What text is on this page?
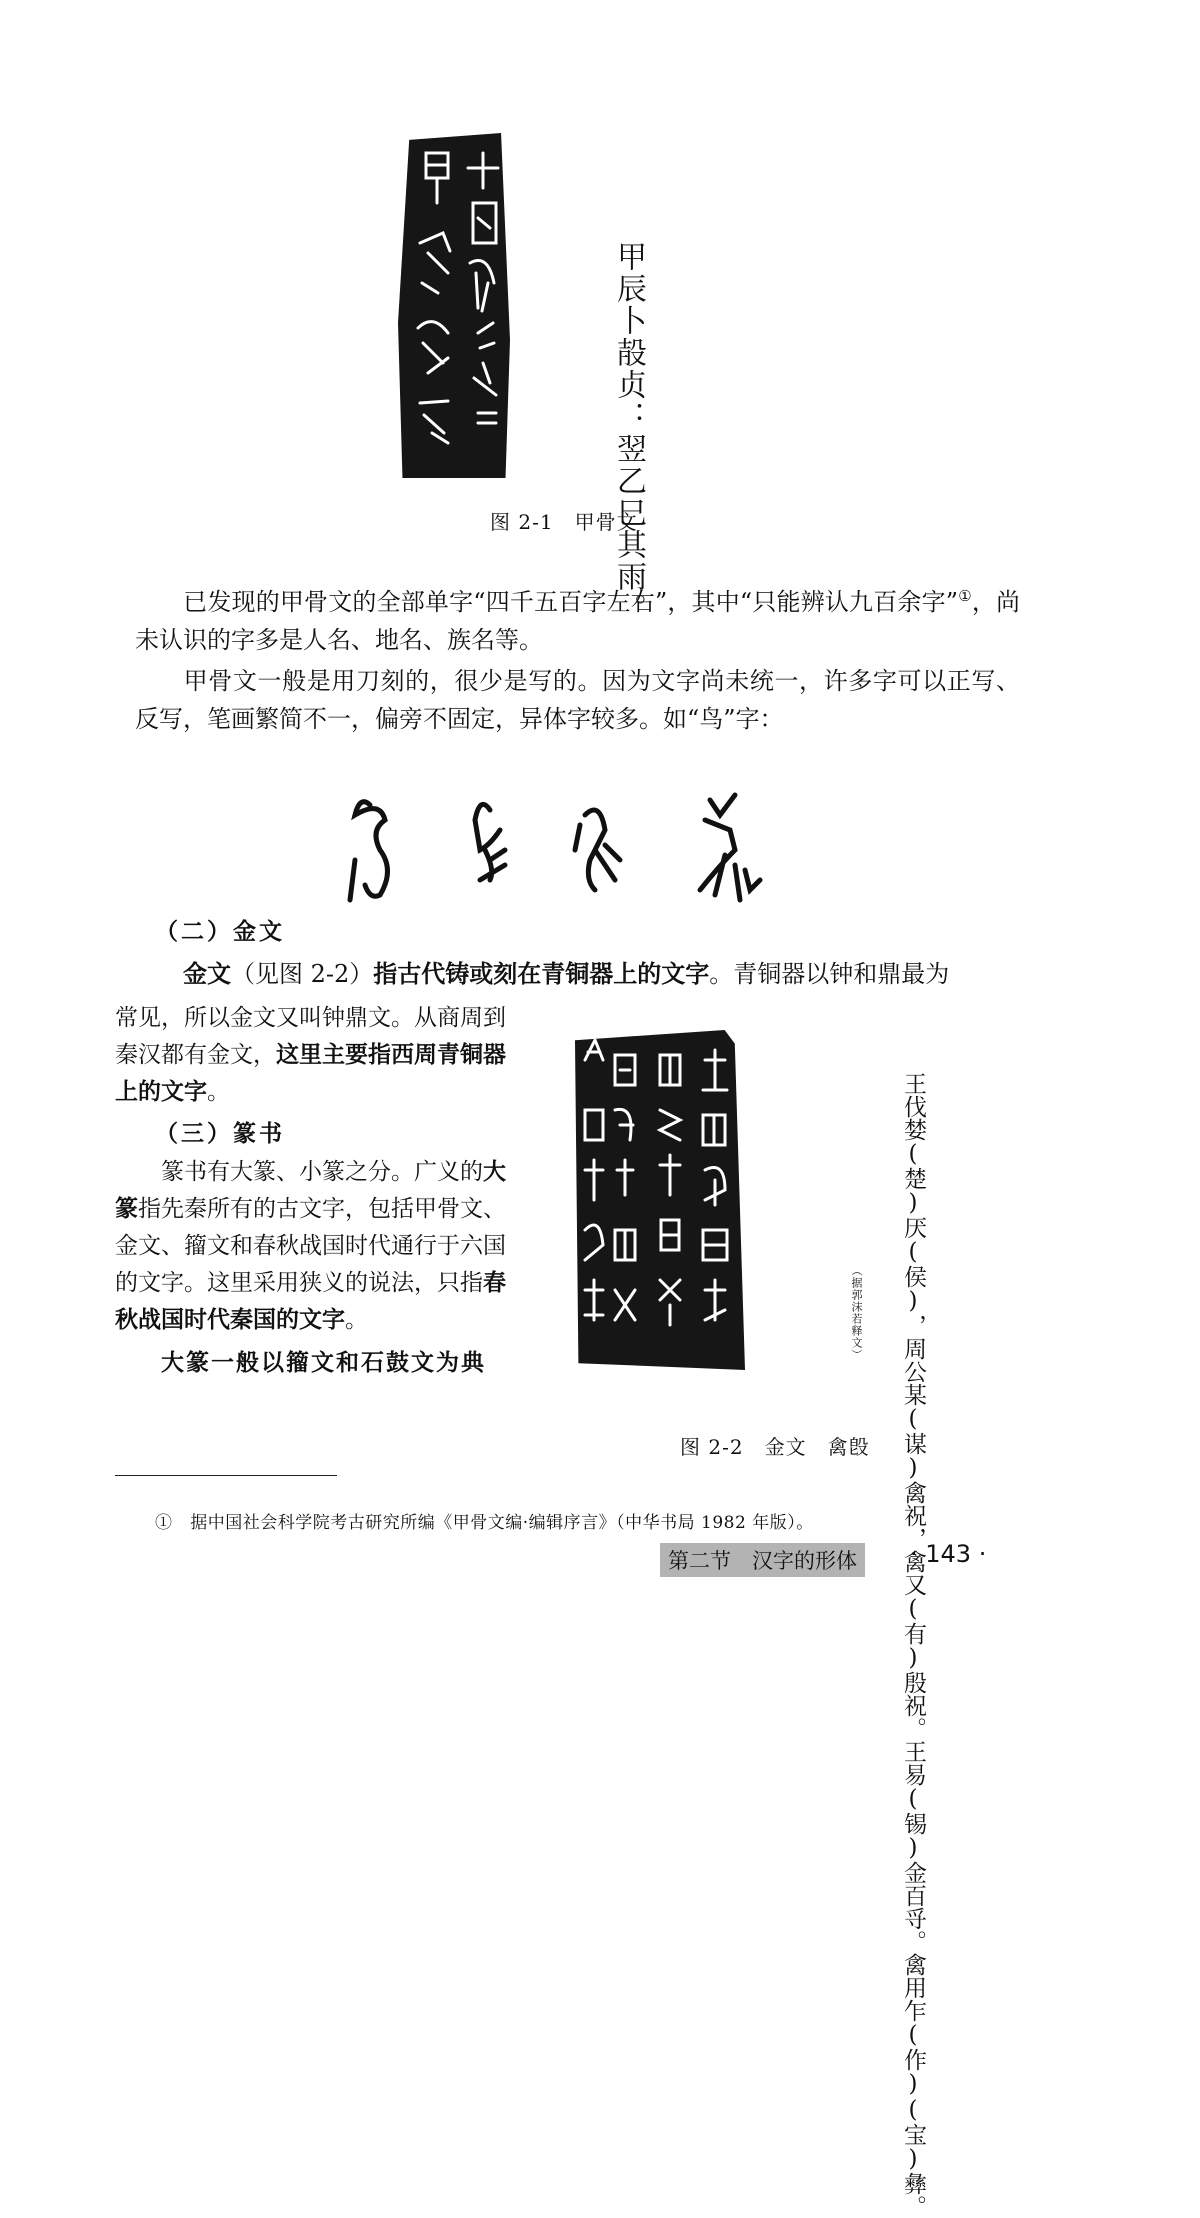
甲辰卜㱿贞：翌乙巳其雨。

图 2-1　甲骨文
已发现的甲骨文的全部单字“四千五百字左右”，其中“只能辨认九百余字”①，尚未认识的字多是人名、地名、族名等。
甲骨文一般是用刀刻的，很少是写的。因为文字尚未统一，许多字可以正写、反写，笔画繁简不一，偏旁不固定，异体字较多。如“鸟”字：
（二）金文
金文（见图 2-2）指古代铸或刻在青铜器上的文字。青铜器以钟和鼎最为
常见，所以金文又叫钟鼎文。从商周到秦汉都有金文，这里主要指西周青铜器上的文字。
（三）篆书
篆书有大篆、小篆之分。广义的大篆指先秦所有的古文字，包括甲骨文、金文、籀文和春秋战国时代通行于六国的文字。这里采用狭义的说法，只指春秋战国时代秦国的文字。
大篆一般以籀文和石鼓文为典	王伐婪(楚)厌(侯)，周公某(谋)禽祝，禽又(有)殷祝。王易(锡)金百寽。禽用乍(作)(宝)彝。

（据郭沫若释文）
图 2-2　金文　禽𣪘
① 据中国社会科学院考古研究所编《甲骨文编·编辑序言》（中华书局 1982 年版）。
第二节　汉字的形体	· 143 ·
